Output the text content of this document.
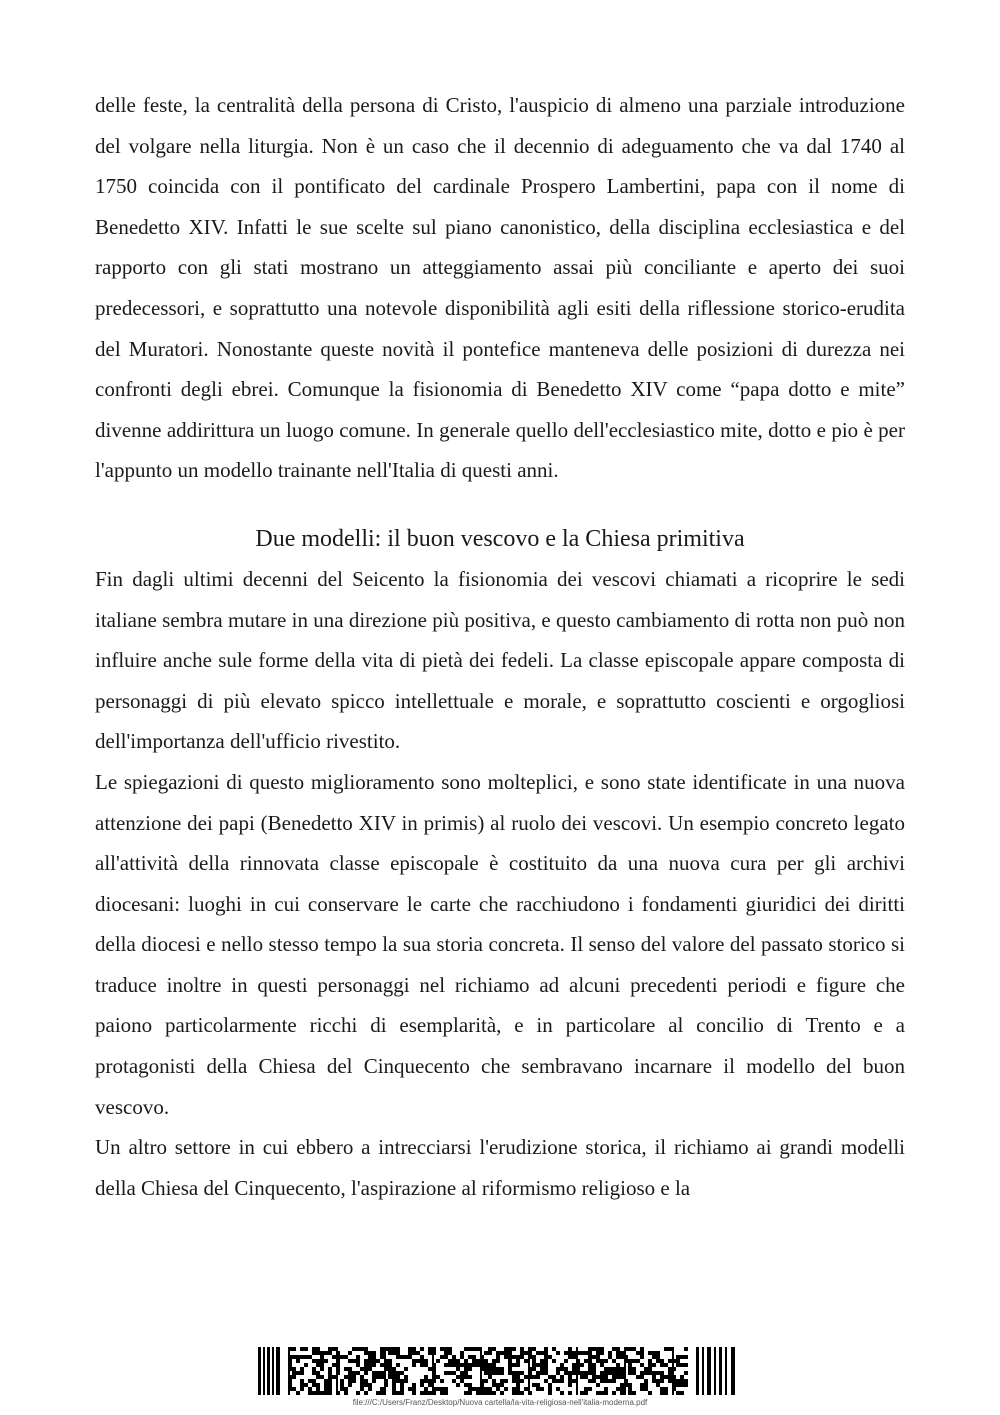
delle feste, la centralità della persona di Cristo, l'auspicio di almeno una parziale introduzione del volgare nella liturgia. Non è un caso che il decennio di adeguamento che va dal 1740 al 1750 coincida con il pontificato del cardinale Prospero Lambertini, papa con il nome di Benedetto XIV. Infatti le sue scelte sul piano canonistico, della disciplina ecclesiastica e del rapporto con gli stati mostrano un atteggiamento assai più conciliante e aperto dei suoi predecessori, e soprattutto una notevole disponibilità agli esiti della riflessione storico-erudita del Muratori. Nonostante queste novità il pontefice manteneva delle posizioni di durezza nei confronti degli ebrei. Comunque la fisionomia di Benedetto XIV come “papa dotto e mite” divenne addirittura un luogo comune. In generale quello dell'ecclesiastico mite, dotto e pio è per l'appunto un modello trainante nell'Italia di questi anni.

Due modelli: il buon vescovo e la Chiesa primitiva

Fin dagli ultimi decenni del Seicento la fisionomia dei vescovi chiamati a ricoprire le sedi italiane sembra mutare in una direzione più positiva, e questo cambiamento di rotta non può non influire anche sule forme della vita di pietà dei fedeli. La classe episcopale appare composta di personaggi di più elevato spicco intellettuale e morale, e soprattutto coscienti e orgogliosi dell'importanza dell'ufficio rivestito.

Le spiegazioni di questo miglioramento sono molteplici, e sono state identificate in una nuova attenzione dei papi (Benedetto XIV in primis) al ruolo dei vescovi. Un esempio concreto legato all'attività della rinnovata classe episcopale è costituito da una nuova cura per gli archivi diocesani: luoghi in cui conservare le carte che racchiudono i fondamenti giuridici dei diritti della diocesi e nello stesso tempo la sua storia concreta. Il senso del valore del passato storico si traduce inoltre in questi personaggi nel richiamo ad alcuni precedenti periodi e figure che paiono particolarmente ricchi di esemplarità, e in particolare al concilio di Trento e a protagonisti della Chiesa del Cinquecento che sembravano incarnare il modello del buon vescovo.

Un altro settore in cui ebbero a intrecciarsi l'erudizione storica, il richiamo ai grandi modelli della Chiesa del Cinquecento, l'aspirazione al riformismo religioso e la

file:///C:/Users/Franz/Desktop/Nuova cartella/la-vita-religiosa-nell'italia-moderna.pdf
